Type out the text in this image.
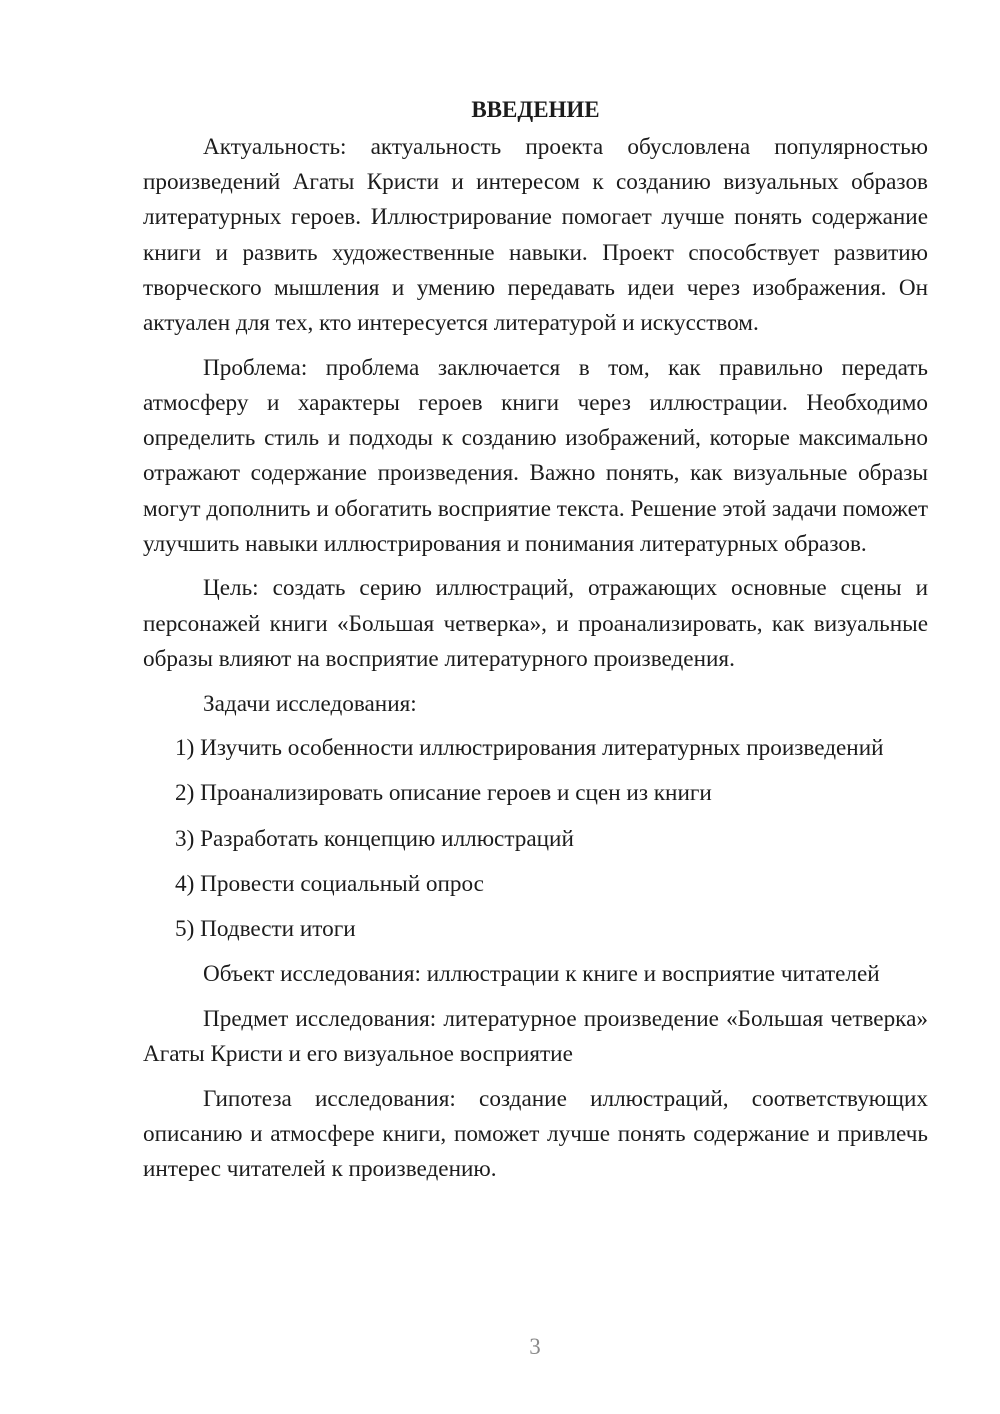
ВВЕДЕНИЕ

Актуальность: актуальность проекта обусловлена популярностью произведений Агаты Кристи и интересом к созданию визуальных образов литературных героев. Иллюстрирование помогает лучше понять содержание книги и развить художественные навыки. Проект способствует развитию творческого мышления и умению передавать идеи через изображения. Он актуален для тех, кто интересуется литературой и искусством.

Проблема: проблема заключается в том, как правильно передать атмосферу и характеры героев книги через иллюстрации. Необходимо определить стиль и подходы к созданию изображений, которые максимально отражают содержание произведения. Важно понять, как визуальные образы могут дополнить и обогатить восприятие текста. Решение этой задачи поможет улучшить навыки иллюстрирования и понимания литературных образов.

Цель: создать серию иллюстраций, отражающих основные сцены и персонажей книги «Большая четверка», и проанализировать, как визуальные образы влияют на восприятие литературного произведения.

Задачи исследования:

1) Изучить особенности иллюстрирования литературных произведений

2) Проанализировать описание героев и сцен из книги

3) Разработать концепцию иллюстраций

4) Провести социальный опрос

5) Подвести итоги

Объект исследования: иллюстрации к книге и восприятие читателей

Предмет исследования: литературное произведение «Большая четверка» Агаты Кристи и его визуальное восприятие

Гипотеза исследования: создание иллюстраций, соответствующих описанию и атмосфере книги, поможет лучше понять содержание и привлечь интерес читателей к произведению.

3
